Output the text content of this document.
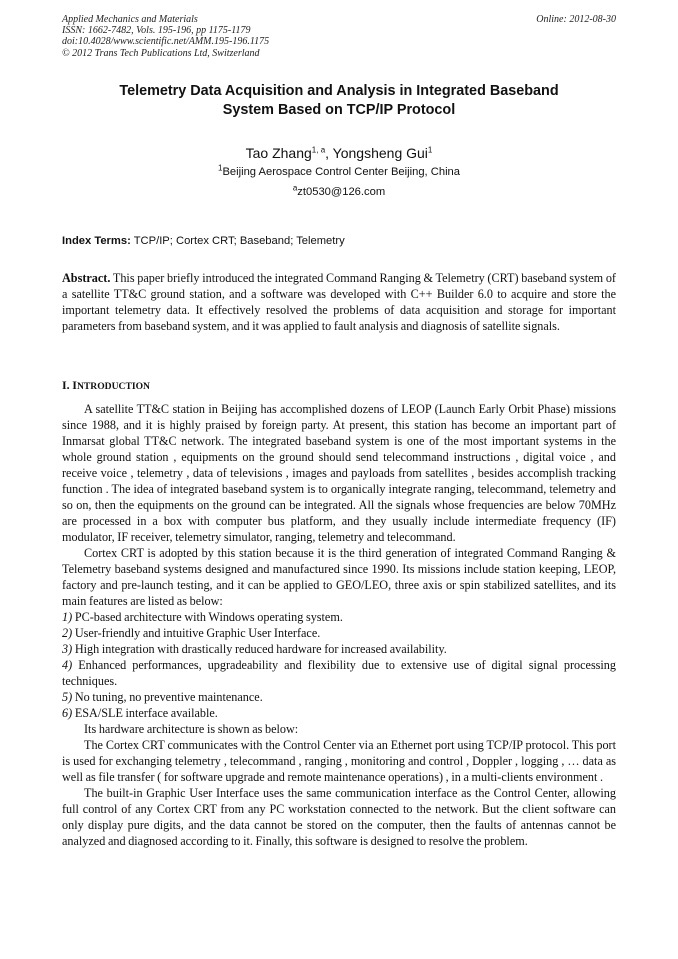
Applied Mechanics and Materials
ISSN: 1662-7482, Vols. 195-196, pp 1175-1179
doi:10.4028/www.scientific.net/AMM.195-196.1175
© 2012 Trans Tech Publications Ltd, Switzerland
Online: 2012-08-30
Telemetry Data Acquisition and Analysis in Integrated Baseband
System Based on TCP/IP Protocol
Tao Zhang$^{1, a}$, Yongsheng Gui$^1$
$^1$Beijing Aerospace Control Center Beijing, China
$^a$zt0530@126.com
Index Terms: TCP/IP; Cortex CRT; Baseband; Telemetry
Abstract. This paper briefly introduced the integrated Command Ranging & Telemetry (CRT) baseband system of a satellite TT&C ground station, and a software was developed with C++ Builder 6.0 to acquire and store the important telemetry data. It effectively resolved the problems of data acquisition and storage for important parameters from baseband system, and it was applied to fault analysis and diagnosis of satellite signals.
I. INTRODUCTION

A satellite TT&C station in Beijing has accomplished dozens of LEOP (Launch Early Orbit Phase) missions since 1988, and it is highly praised by foreign party. At present, this station has become an important part of Inmarsat global TT&C network. The integrated baseband system is one of the most important systems in the whole ground station , equipments on the ground should send telecommand instructions , digital voice , and receive voice , telemetry , data of televisions , images and payloads from satellites , besides accomplish tracking function . The idea of integrated baseband system is to organically integrate ranging, telecommand, telemetry and so on, then the equipments on the ground can be integrated. All the signals whose frequencies are below 70MHz are processed in a box with computer bus platform, and they usually include intermediate frequency (IF) modulator, IF receiver, telemetry simulator, ranging, telemetry and telecommand.

Cortex CRT is adopted by this station because it is the third generation of integrated Command Ranging & Telemetry baseband systems designed and manufactured since 1990. Its missions include station keeping, LEOP, factory and pre-launch testing, and it can be applied to GEO/LEO, three axis or spin stabilized satellites, and its main features are listed as below:

1) PC-based architecture with Windows operating system.

2) User-friendly and intuitive Graphic User Interface.

3) High integration with drastically reduced hardware for increased availability.

4) Enhanced performances, upgradeability and flexibility due to extensive use of digital signal processing techniques.

5) No tuning, no preventive maintenance.

6) ESA/SLE interface available.

Its hardware architecture is shown as below:

The Cortex CRT communicates with the Control Center via an Ethernet port using TCP/IP protocol. This port is used for exchanging telemetry , telecommand , ranging , monitoring and control , Doppler , logging , … data as well as file transfer ( for software upgrade and remote maintenance operations) , in a multi-clients environment .

The built-in Graphic User Interface uses the same communication interface as the Control Center, allowing full control of any Cortex CRT from any PC workstation connected to the network. But the client software can only display pure digits, and the data cannot be stored on the computer, then the faults of antennas cannot be analyzed and diagnosed according to it. Finally, this software is designed to resolve the problem.
